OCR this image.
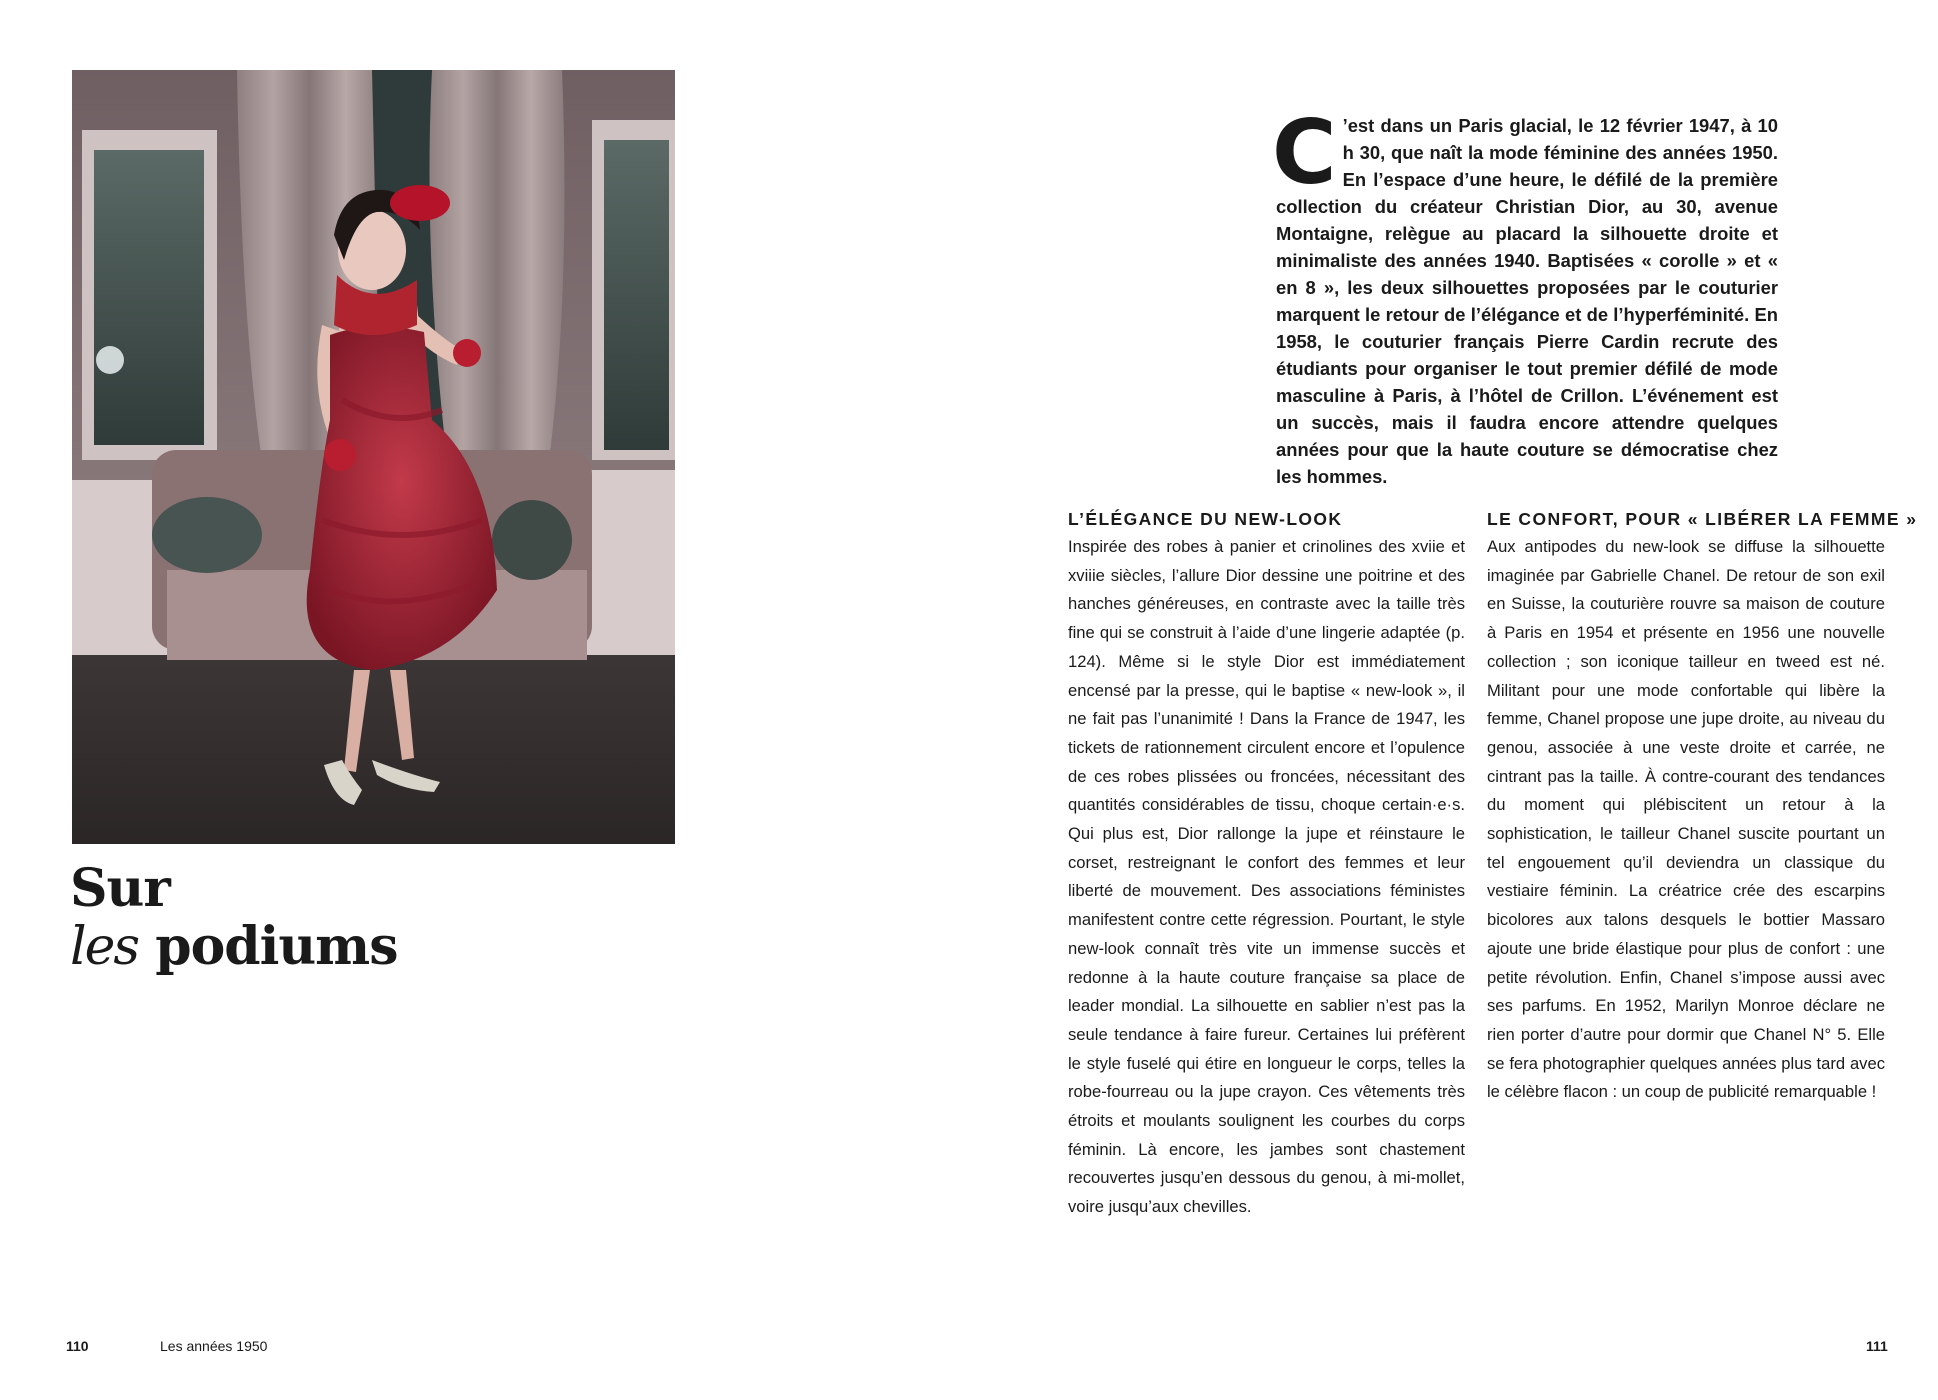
Sur
les podiums
C ’est dans un Paris glacial, le 12 février 1947, à 10 h 30, que naît la mode féminine des années 1950. En l’espace d’une heure, le défilé de la première collection du créateur Christian Dior, au 30, avenue Montaigne, relègue au placard la silhouette droite et minimaliste des années 1940. Baptisées « corolle » et « en 8 », les deux silhouettes proposées par le couturier marquent le retour de l’élégance et de l’hyperféminité. En 1958, le couturier français Pierre Cardin recrute des étudiants pour organiser le tout premier défilé de mode masculine à Paris, à l’hôtel de Crillon. L’événement est un succès, mais il faudra encore attendre quelques années pour que la haute couture se démocratise chez les hommes.
L’ÉLÉGANCE DU NEW-LOOK

Inspirée des robes à panier et crinolines des xviie et xviiie siècles, l’allure Dior dessine une poitrine et des hanches généreuses, en contraste avec la taille très fine qui se construit à l’aide d’une lingerie adaptée (p. 124). Même si le style Dior est immédiatement encensé par la presse, qui le baptise « new-look », il ne fait pas l’unanimité ! Dans la France de 1947, les tickets de rationnement circulent encore et l’opulence de ces robes plissées ou froncées, nécessitant des quantités considérables de tissu, choque certain·e·s. Qui plus est, Dior rallonge la jupe et réinstaure le corset, restreignant le confort des femmes et leur liberté de mouvement. Des associations féministes manifestent contre cette régression. Pourtant, le style new-look connaît très vite un immense succès et redonne à la haute couture française sa place de leader mondial. La silhouette en sablier n’est pas la seule tendance à faire fureur. Certaines lui préfèrent le style fuselé qui étire en longueur le corps, telles la robe-fourreau ou la jupe crayon. Ces vêtements très étroits et moulants soulignent les courbes du corps féminin. Là encore, les jambes sont chastement recouvertes jusqu’en dessous du genou, à mi-mollet, voire jusqu’aux chevilles.

LE CONFORT, POUR « LIBÉRER LA FEMME »

Aux antipodes du new-look se diffuse la silhouette imaginée par Gabrielle Chanel. De retour de son exil en Suisse, la couturière rouvre sa maison de couture à Paris en 1954 et présente en 1956 une nouvelle collection ; son iconique tailleur en tweed est né. Militant pour une mode confortable qui libère la femme, Chanel propose une jupe droite, au niveau du genou, associée à une veste droite et carrée, ne cintrant pas la taille. À contre-courant des tendances du moment qui plébiscitent un retour à la sophistication, le tailleur Chanel suscite pourtant un tel engouement qu’il deviendra un classique du vestiaire féminin. La créatrice crée des escarpins bicolores aux talons desquels le bottier Massaro ajoute une bride élastique pour plus de confort : une petite révolution. Enfin, Chanel s’impose aussi avec ses parfums. En 1952, Marilyn Monroe déclare ne rien porter d’autre pour dormir que Chanel N° 5. Elle se fera photographier quelques années plus tard avec le célèbre flacon : un coup de publicité remarquable !

110	Les années 1950	111
